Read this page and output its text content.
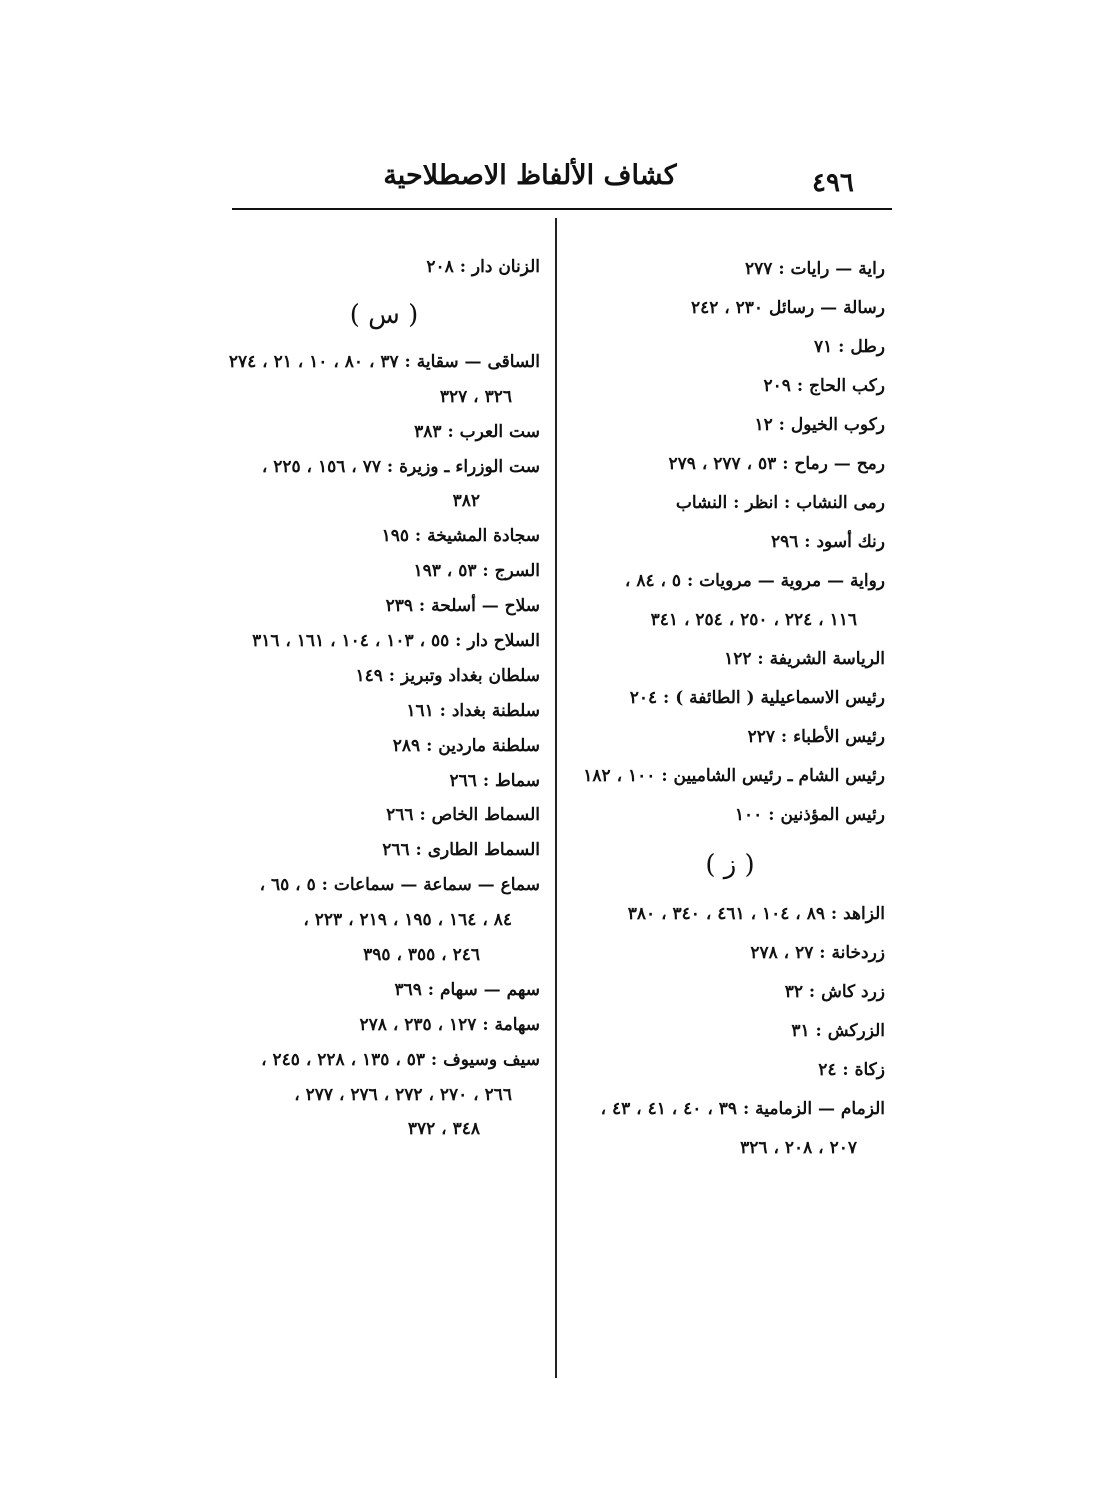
٤٩٦
كشاف الألفاظ الاصطلاحية
راية — رايات : ٢٧٧
رسالة — رسائل ٢٣٠ ، ٢٤٢
رطل : ٧١
ركب الحاج : ٢٠٩
ركوب الخيول : ١٢
رمح — رماح : ٥٣ ، ٢٧٧ ، ٢٧٩
رمى النشاب : انظر : النشاب
رنك أسود : ٢٩٦
رواية — مروية — مرويات : ٥ ، ٨٤ ،
١١٦ ، ٢٢٤ ، ٢٥٠ ، ٢٥٤ ، ٣٤١
الرياسة الشريفة : ١٢٢
رئيس الاسماعيلية ( الطائفة ) : ٢٠٤
رئيس الأطباء : ٢٢٧
رئيس الشام ـ رئيس الشاميين : ١٠٠ ، ١٨٢
رئيس المؤذنين : ١٠٠
( ز )
الزاهد : ٨٩ ، ١٠٤ ، ٤٦١ ، ٣٤٠ ، ٣٨٠
زردخانة : ٢٧ ، ٢٧٨
زرد كاش : ٣٢
الزركش : ٣١
زكاة : ٢٤
الزمام — الزمامية : ٣٩ ، ٤٠ ، ٤١ ، ٤٣ ،
٢٠٧ ، ٢٠٨ ، ٣٢٦
الزنان دار : ٢٠٨
( س )
الساقى — سقاية : ٣٧ ، ٨٠ ، ١٠ ، ٢١ ، ٢٧٤
٣٢٦ ، ٣٢٧
ست العرب : ٣٨٣
ست الوزراء ـ وزيرة : ٧٧ ، ١٥٦ ، ٢٢٥ ،
٣٨٢
سجادة المشيخة : ١٩٥
السرج : ٥٣ ، ١٩٣
سلاح — أسلحة : ٢٣٩
السلاح دار : ٥٥ ، ١٠٣ ، ١٠٤ ، ١٦١ ، ٣١٦
سلطان بغداد وتبريز : ١٤٩
سلطنة بغداد : ١٦١
سلطنة ماردين : ٢٨٩
سماط : ٢٦٦
السماط الخاص : ٢٦٦
السماط الطارى : ٢٦٦
سماع — سماعة — سماعات : ٥ ، ٦٥ ،
٨٤ ، ١٦٤ ، ١٩٥ ، ٢١٩ ، ٢٢٣ ،
٢٤٦ ، ٣٥٥ ، ٣٩٥
سهم — سهام : ٣٦٩
سهامة : ١٢٧ ، ٢٣٥ ، ٢٧٨
سيف وسيوف : ٥٣ ، ١٣٥ ، ٢٢٨ ، ٢٤٥ ،
٢٦٦ ، ٢٧٠ ، ٢٧٢ ، ٢٧٦ ، ٢٧٧ ،
٣٤٨ ، ٣٧٢
